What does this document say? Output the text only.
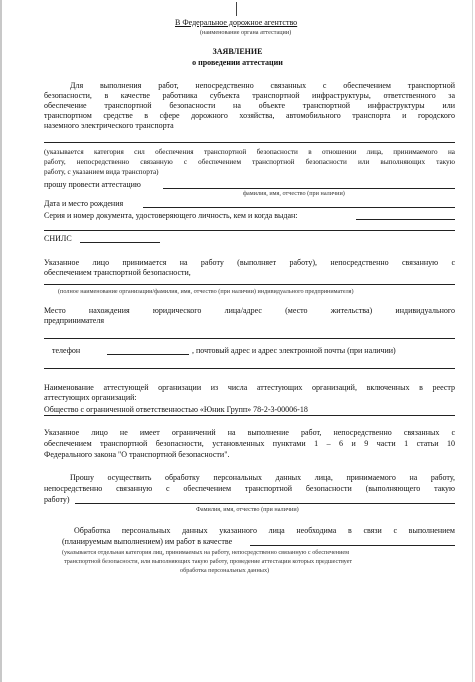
В Федеральное дорожное агентство
(наименование органа аттестации)
ЗАЯВЛЕНИЕ
о проведении аттестации
Для выполнения работ, непосредственно связанных с обеспечением транспортной
безопасности, в качестве работника субъекта транспортной инфраструктуры, ответственного за
обеспечение транспортной безопасности на объекте транспортной инфраструктуры или
транспортном средстве в сфере дорожного хозяйства, автомобильного транспорта и городского
наземного электрического транспорта
(указывается категория сил обеспечения транспортной безопасности в отношении лица, принимаемого на
работу, непосредственно связанную с обеспечением транспортной безопасности или выполняющих такую
работу, с указанием вида транспорта)
прошу провести аттестацию
фамилия, имя, отчество (при наличии)
Дата и место рождения
Серия и номер документа, удостоверяющего личность, кем и когда выдан:
СНИЛС
Указанное лицо принимается на работу (выполняет работу), непосредственно связанную с
обеспечением транспортной безопасности,
(полное наименование организации/фамилия, имя, отчество (при наличии) индивидуального предпринимателя)
Место нахождения юридического лица/адрес (место жительства) индивидуального
предпринимателя
телефон	, почтовый адрес и адрес электронной почты (при наличии)
Наименование аттестующей организации из числа аттестующих организаций, включенных в реестр
аттестующих организаций:
Общество с ограниченной ответственностью «Юник Групп» 78-2-3-00006-18
Указанное лицо не имеет ограничений на выполнение работ, непосредственно связанных с
обеспечением транспортной безопасности, установленных пунктами 1 – 6 и 9 части 1 статьи 10
Федерального закона "О транспортной безопасности".
Прошу осуществить обработку персональных данных лица, принимаемого на работу,
непосредственно связанную с обеспечением транспортной безопасности (выполняющего такую
работу)
Фамилия, имя, отчество (при наличии)
Обработка персональных данных указанного лица необходима в связи с выполнением
(планируемым выполнением) им работ в качестве
(указывается отдельная категория лиц, принимаемых на работу, непосредственно связанную с обеспечением
транспортной безопасности, или выполняющих такую работу, проведение аттестации которых предшествует
обработка персональных данных)
